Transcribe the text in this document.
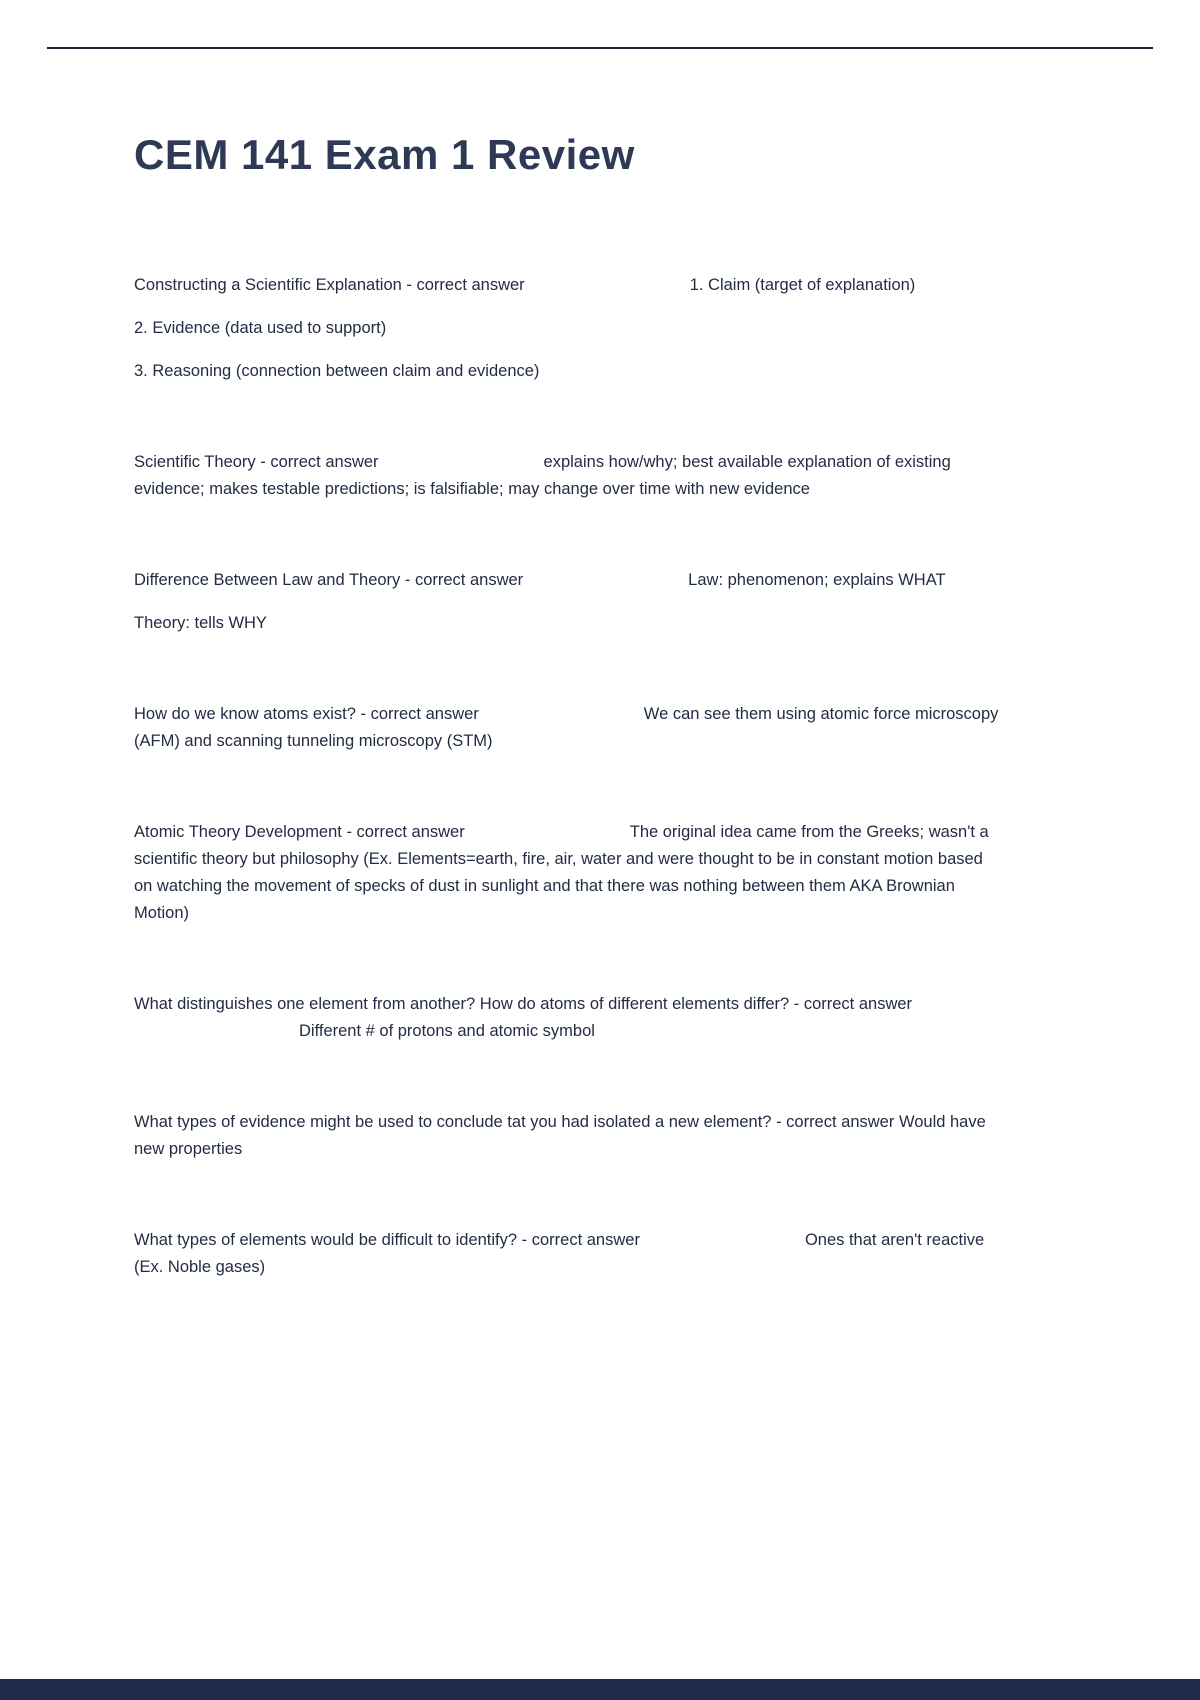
CEM 141 Exam 1 Review

Constructing a Scientific Explanation - correct answer	1. Claim (target of explanation)

2. Evidence (data used to support)

3. Reasoning (connection between claim and evidence)

Scientific Theory - correct answer	explains how/why; best available explanation of existing evidence; makes testable predictions; is falsifiable; may change over time with new evidence

Difference Between Law and Theory - correct answer	Law: phenomenon; explains WHAT

Theory: tells WHY

How do we know atoms exist? - correct answer	We can see them using atomic force microscopy (AFM) and scanning tunneling microscopy (STM)

Atomic Theory Development - correct answer	The original idea came from the Greeks; wasn't a scientific theory but philosophy (Ex. Elements=earth, fire, air, water and were thought to be in constant motion based on watching the movement of specks of dust in sunlight and that there was nothing between them AKA Brownian Motion)

What distinguishes one element from another? How do atoms of different elements differ? - correct answerDifferent # of protons and atomic symbol

What types of evidence might be used to conclude tat you had isolated a new element? - correct answer Would have new properties

What types of elements would be difficult to identify? - correct answer	Ones that aren't reactive (Ex. Noble gases)
